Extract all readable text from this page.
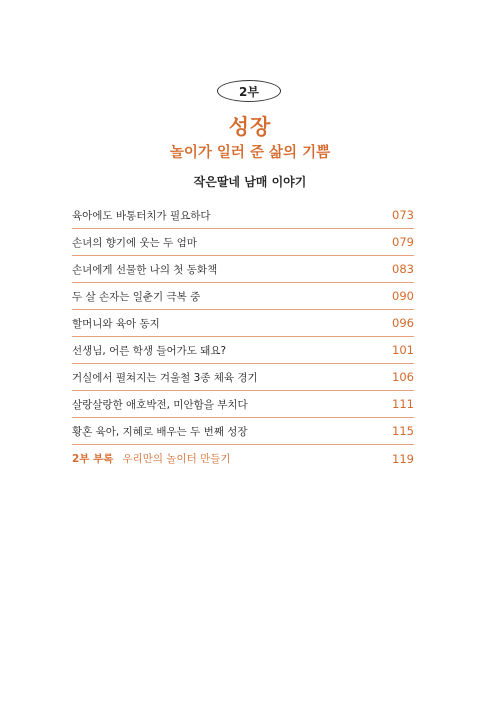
2부
성장
놀이가 일러 준 삶의 기쁨
작은딸네 남매 이야기
육아에도 바통터치가 필요하다	073
손녀의 향기에 웃는 두 엄마	079
손녀에게 선물한 나의 첫 동화책	083
두 살 손자는 일춘기 극복 중	090
할머니와 육아 동지	096
선생님, 어른 학생 들어가도 돼요?	101
거실에서 펼쳐지는 겨울철 3종 체육 경기	106
살랑살랑한 애호박전, 미안함을 부치다	111
황혼 육아, 지혜로 배우는 두 번째 성장	115
2부 부록 우리만의 놀이터 만들기	119
